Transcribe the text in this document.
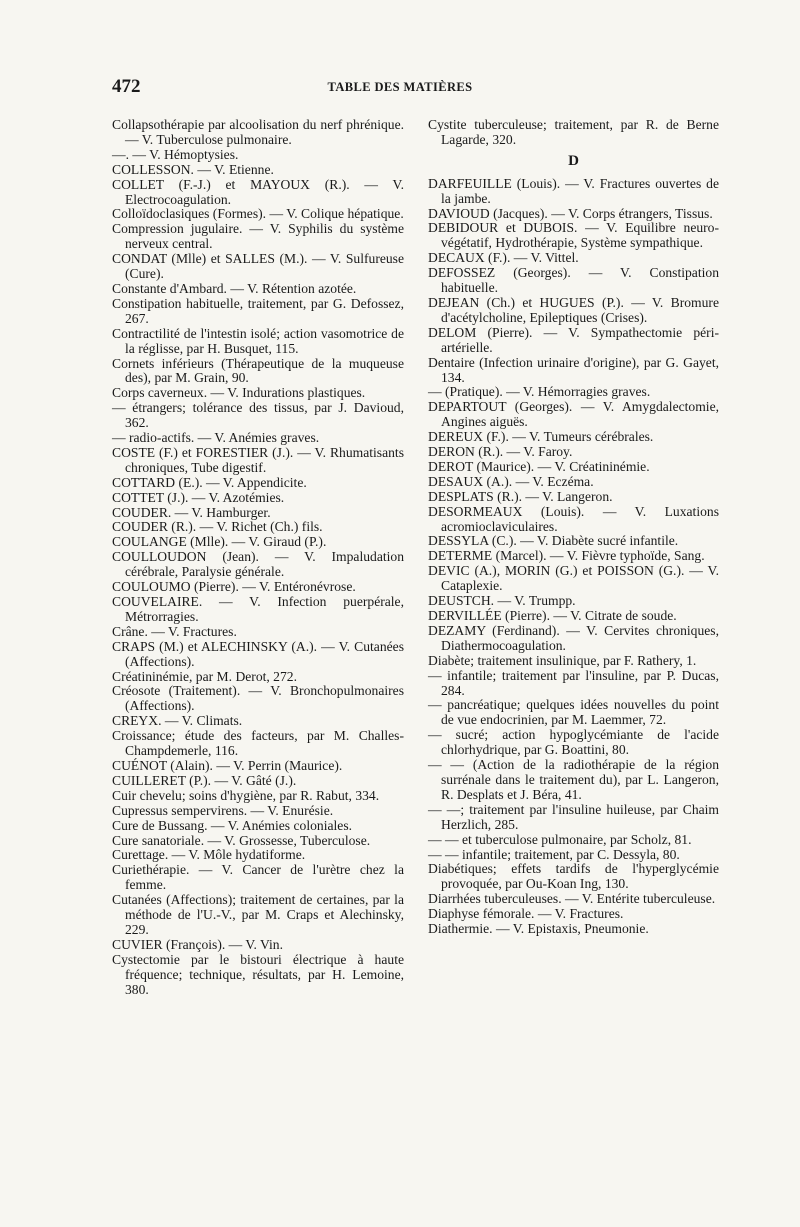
472	TABLE DES MATIÈRES

Collapsothérapie par alcoolisation du nerf phrénique. — V. Tuberculose pulmonaire.

—. — V. Hémoptysies.

COLLESSON. — V. Etienne.

COLLET (F.-J.) et MAYOUX (R.). — V. Electrocoagulation.

Colloïdoclasiques (Formes). — V. Colique hépatique.

Compression jugulaire. — V. Syphilis du système nerveux central.

CONDAT (Mlle) et SALLES (M.). — V. Sulfureuse (Cure).

Constante d'Ambard. — V. Rétention azotée.

Constipation habituelle, traitement, par G. Defossez, 267.

Contractilité de l'intestin isolé; action vasomotrice de la réglisse, par H. Busquet, 115.

Cornets inférieurs (Thérapeutique de la muqueuse des), par M. Grain, 90.

Corps caverneux. — V. Indurations plastiques.

— étrangers; tolérance des tissus, par J. Davioud, 362.

— radio-actifs. — V. Anémies graves.

COSTE (F.) et FORESTIER (J.). — V. Rhumatisants chroniques, Tube digestif.

COTTARD (E.). — V. Appendicite.

COTTET (J.). — V. Azotémies.

COUDER. — V. Hamburger.

COUDER (R.). — V. Richet (Ch.) fils.

COULANGE (Mlle). — V. Giraud (P.).

COULLOUDON (Jean). — V. Impaludation cérébrale, Paralysie générale.

COULOUMO (Pierre). — V. Entéronévrose.

COUVELAIRE. — V. Infection puerpérale, Métrorragies.

Crâne. — V. Fractures.

CRAPS (M.) et ALECHINSKY (A.). — V. Cutanées (Affections).

Créatininémie, par M. Derot, 272.

Créosote (Traitement). — V. Bronchopulmonaires (Affections).

CREYX. — V. Climats.

Croissance; étude des facteurs, par M. Challes-Champdemerle, 116.

CUÉNOT (Alain). — V. Perrin (Maurice).

CUILLERET (P.). — V. Gâté (J.).

Cuir chevelu; soins d'hygiène, par R. Rabut, 334.

Cupressus sempervirens. — V. Enurésie.

Cure de Bussang. — V. Anémies coloniales.

Cure sanatoriale. — V. Grossesse, Tuberculose.

Curettage. — V. Môle hydatiforme.

Curiethérapie. — V. Cancer de l'urètre chez la femme.

Cutanées (Affections); traitement de certaines, par la méthode de l'U.-V., par M. Craps et Alechinsky, 229.

CUVIER (François). — V. Vin.

Cystectomie par le bistouri électrique à haute fréquence; technique, résultats, par H. Lemoine, 380.

Cystite tuberculeuse; traitement, par R. de Berne Lagarde, 320.

D

DARFEUILLE (Louis). — V. Fractures ouvertes de la jambe.

DAVIOUD (Jacques). — V. Corps étrangers, Tissus.

DEBIDOUR et DUBOIS. — V. Equilibre neuro-végétatif, Hydrothérapie, Système sympathique.

DECAUX (F.). — V. Vittel.

DEFOSSEZ (Georges). — V. Constipation habituelle.

DEJEAN (Ch.) et HUGUES (P.). — V. Bromure d'acétylcholine, Epileptiques (Crises).

DELOM (Pierre). — V. Sympathectomie péri-artérielle.

Dentaire (Infection urinaire d'origine), par G. Gayet, 134.

— (Pratique). — V. Hémorragies graves.

DEPARTOUT (Georges). — V. Amygdalectomie, Angines aiguës.

DEREUX (F.). — V. Tumeurs cérébrales.

DERON (R.). — V. Faroy.

DEROT (Maurice). — V. Créatininémie.

DESAUX (A.). — V. Eczéma.

DESPLATS (R.). — V. Langeron.

DESORMEAUX (Louis). — V. Luxations acromioclaviculaires.

DESSYLA (C.). — V. Diabète sucré infantile.

DETERME (Marcel). — V. Fièvre typhoïde, Sang.

DEVIC (A.), MORIN (G.) et POISSON (G.). — V. Cataplexie.

DEUSTCH. — V. Trumpp.

DERVILLÉE (Pierre). — V. Citrate de soude.

DEZAMY (Ferdinand). — V. Cervites chroniques, Diathermocoagulation.

Diabète; traitement insulinique, par F. Rathery, 1.

— infantile; traitement par l'insuline, par P. Ducas, 284.

— pancréatique; quelques idées nouvelles du point de vue endocrinien, par M. Laemmer, 72.

— sucré; action hypoglycémiante de l'acide chlorhydrique, par G. Boattini, 80.

— — (Action de la radiothérapie de la région surrénale dans le traitement du), par L. Langeron, R. Desplats et J. Béra, 41.

— —; traitement par l'insuline huileuse, par Chaim Herzlich, 285.

— — et tuberculose pulmonaire, par Scholz, 81.

— — infantile; traitement, par C. Dessyla, 80.

Diabétiques; effets tardifs de l'hyperglycémie provoquée, par Ou-Koan Ing, 130.

Diarrhées tuberculeuses. — V. Entérite tuberculeuse.

Diaphyse fémorale. — V. Fractures.

Diathermie. — V. Epistaxis, Pneumonie.
